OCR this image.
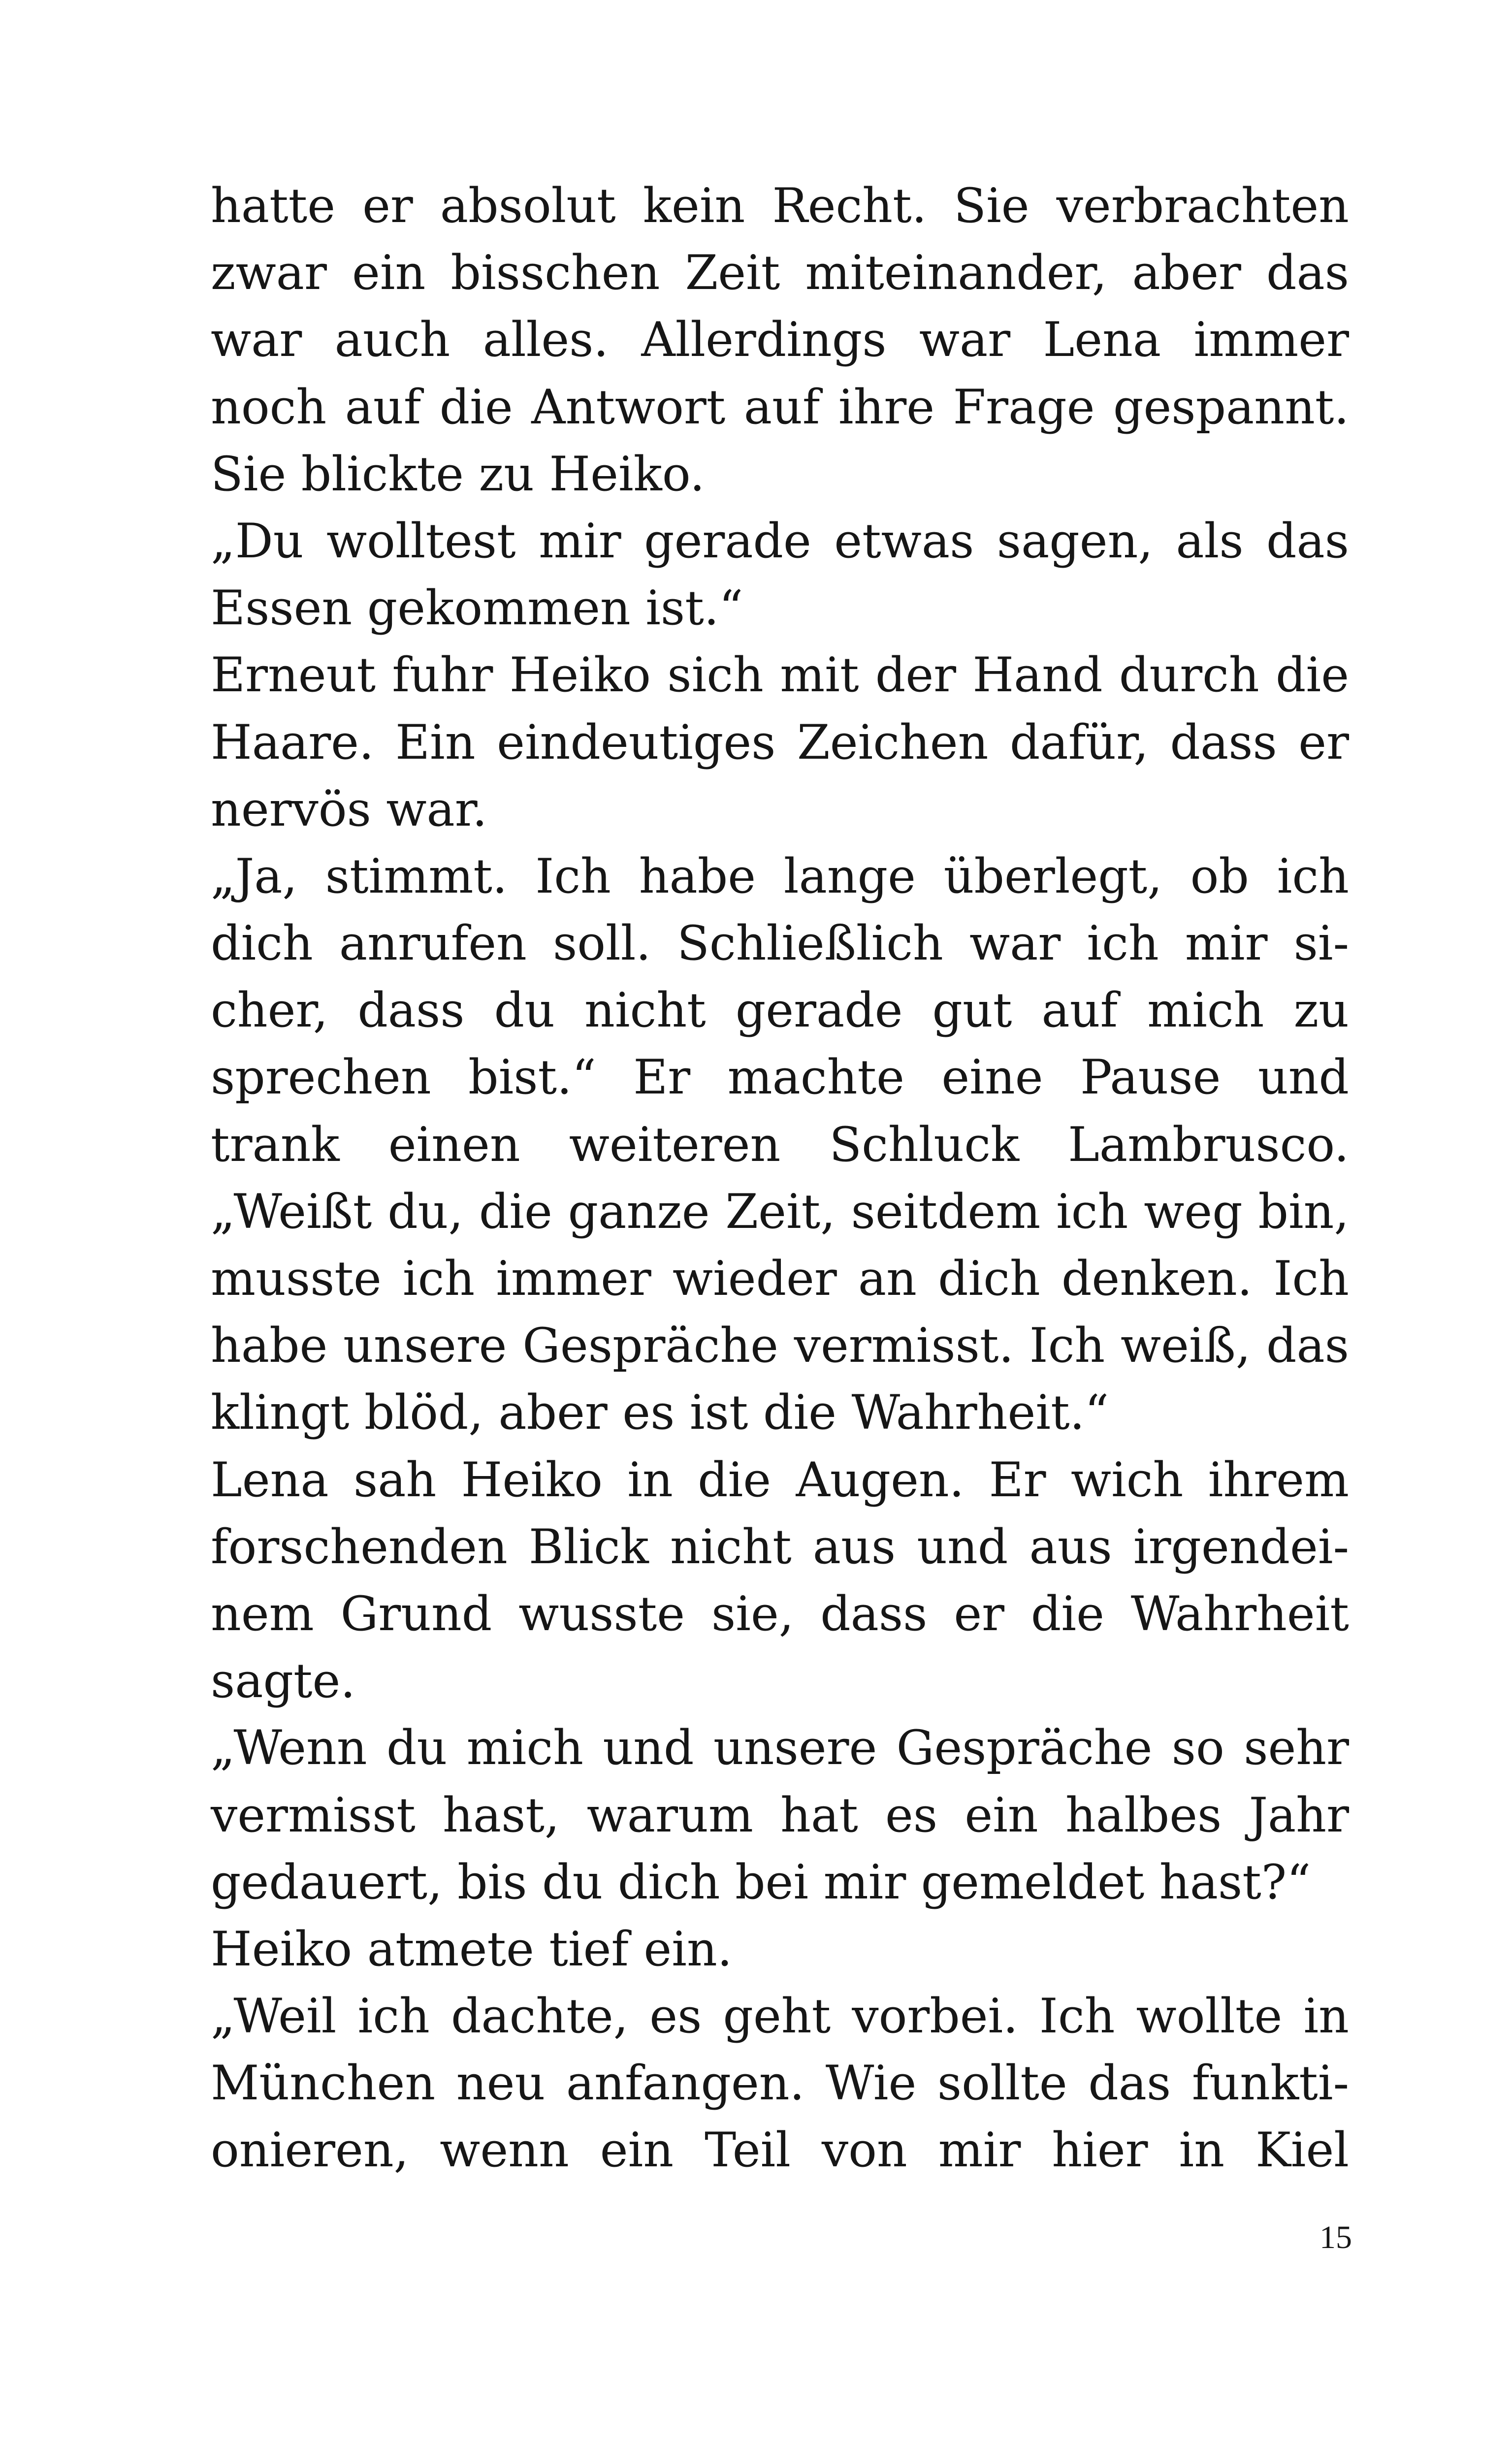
hatte er absolut kein Recht. Sie verbrachten
zwar ein bisschen Zeit miteinander, aber das
war auch alles. Allerdings war Lena immer
noch auf die Antwort auf ihre Frage gespannt.
Sie blickte zu Heiko.
„Du wolltest mir gerade etwas sagen, als das
Essen gekommen ist.“
Erneut fuhr Heiko sich mit der Hand durch die
Haare. Ein eindeutiges Zeichen dafür, dass er
nervös war.
„Ja, stimmt. Ich habe lange überlegt, ob ich
dich anrufen soll. Schließlich war ich mir si-
cher, dass du nicht gerade gut auf mich zu
sprechen bist.“ Er machte eine Pause und
trank einen weiteren Schluck Lambrusco.
„Weißt du, die ganze Zeit, seitdem ich weg bin,
musste ich immer wieder an dich denken. Ich
habe unsere Gespräche vermisst. Ich weiß, das
klingt blöd, aber es ist die Wahrheit.“
Lena sah Heiko in die Augen. Er wich ihrem
forschenden Blick nicht aus und aus irgendei-
nem Grund wusste sie, dass er die Wahrheit
sagte.
„Wenn du mich und unsere Gespräche so sehr
vermisst hast, warum hat es ein halbes Jahr
gedauert, bis du dich bei mir gemeldet hast?“
Heiko atmete tief ein.
„Weil ich dachte, es geht vorbei. Ich wollte in
München neu anfangen. Wie sollte das funkti-
onieren, wenn ein Teil von mir hier in Kiel
15
